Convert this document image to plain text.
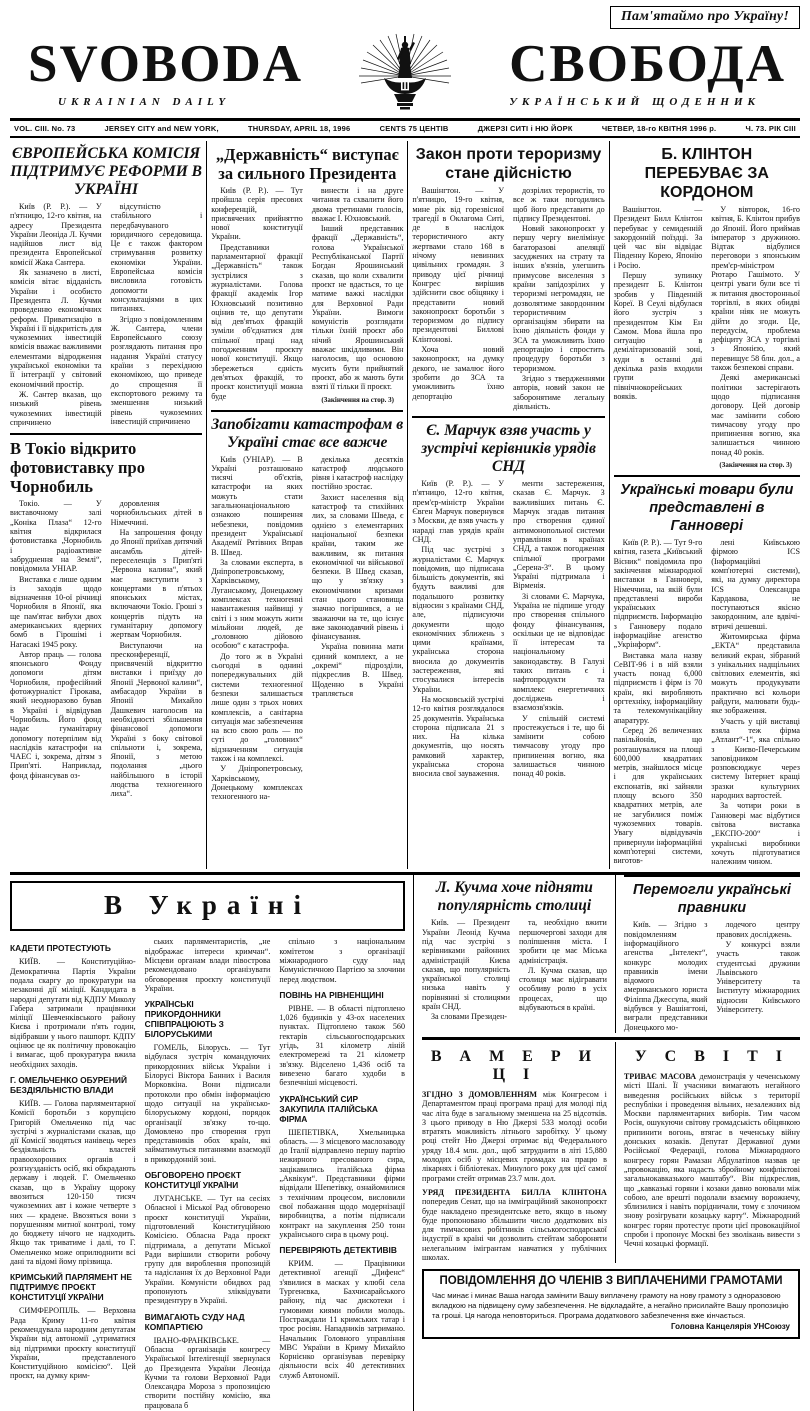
Пам'ятаймо про Україну!
SVOBODA	СВОБОДА
UKRAINIAN DAILY	УКРАЇНСЬКИЙ ЩОДЕННИК
VOL. CIII. No. 73	JERSEY CITY and NEW YORK,	THURSDAY, APRIL 18, 1996	CENTS 75 ЦЕНТІВ	ДЖЕРЗІ СИТІ і НЮ ЙОРК	ЧЕТВЕР, 18-го КВІТНЯ 1996 р.	Ч. 73. РІК CIII
ЄВРОПЕЙСЬКА КОМІСІЯ ПІДТРИМУЄ РЕФОРМИ В УКРАЇНІ

Київ (Р. Р.). — У п'ятницю, 12-го квітня, на адресу Президента України Леоніда Л. Кучми надійшов лист від президента Европейської комісії Жака Сантера.

Як зазначено в листі, комісія вітає відданість України і особисто Президента Л. Кучми проведенню економічних реформ. Приватизацію в Україні і її відкритість для чужоземних інвестицій комісія вважає важливими елементами відродження української економіки та її інтеграції у світовий економічний простір.

Ж. Сантер вказав, що низький рівень чужоземних інвестицій спричинено

відсутністю стабільного і передбачуваного юридичного середовища. Це є також фактором стримування розвитку економіки України. Европейська комісія висловила готовість допомогти консультаціями в цих питаннях.

Згідно з повідомленням Ж. Сантера, члени Европейського союзу розглядають питання про надання Україні статусу країни з перехідною економікою, що приведе до спрощення її експортового режиму та зменшення низький рівень чужоземних інвестицій спричинено

В Токіо відкрито фотовиставку про Чорнобиль

Токіо. — У виставочному залі „Коніка Плаза“ 12-го квітня відкрилася фотовиставка „Чорнобиль і радіоактивне забруднення на Землі“, повідомила УНІАР.

Виставка є лише одним із заходів щодо відзначення 10-ої річниці Чорнобиля в Японії, яка ще пам'ятає вибухи двох американських ядерних бомб в Гірошімі і Нагасакі 1945 року.

Автор праць — голова японського Фонду допомоги дітям Чорнобиля, професійний фотожурналіст Гірокава, який неодноразово бував в Україні і відвідував Чорнобиль. Його фонд надає гуманітарну допомогу потерпілим від наслідків катастрофи на ЧАЕС і, зокрема, дітям з Прип'яті. Наприклад, фонд фінансував оз-

доровлення чорнобильських дітей в Німеччині.

На запрошення фонду до Японії приїхав дитячий ансамбль дітей-переселенців з Прип'яті „Червона калина“, який має виступити з концертами в п'ятьох японських містах, включаючи Токіо. Гроші з концертів підуть на гуманітарну допомогу жертвам Чорнобиля.

Виступаючи на пресконференції, присвяченій відкриттю виставки і приїзду до Японії „Червоної калини“, амбасадор України в Японії Михайло Дашкевич наголосив на необхідності збільшення фінансової допомоги Україні з боку світової спільноти і, зокрема, Японії, з метою подолання „цього найбільшого в історії людства техногенного лиха“.

„Державність“ виступає за сильного Президента

Київ (Р. Р.). — Тут пройшла серія пресових конференцій, присвячених прийняттю нової конституції України.

Представники парламентарної фракції „Державність“ також зустрілися з журналістами. Голова фракції академік Ігор Юхновський позитивно оцінив те, що депутати від дев'ятьох фракцій зуміли об'єднатися для спільної праці над погодженням проєкту нової конституції. Якщо збережеться єдність дев'ятьох фракцій, то проєкт конституції можна буде

винести і на друге читання та схвалити його двома третинами голосів, вважає І. Юхновський.

Інший представник фракції „Державність“, голова Української Республіканської Партії Богдан Ярошинський сказав, що коли схвалити проєкт не вдасться, то це матиме важкі наслідки для Верховної Ради України. Вимоги комуністів розглядати тільки їхній проєкт або нічий Ярошинський вважає шкідливими. Він наголосив, що основою мусить бути прийнятий проєкт, або ж мають бути взяті її тільки її проєкт.

(Закінчення на стор. 3)

Запобігати катастрофам в Україні стає все важче

Київ (УНІАР). — В Україні розташовано тисячі об'єктів, катастрофи на яких можуть стати загальнонаціональною ознакою поширення небезпеки, повідомив президент Української Академії Рятівних Вправ В. Швед.

За словами експерта, в Дніпропетровському, Харківському, Луганському, Донецькому комплексах техногенні навантаження найвищі у світі і з ним можуть жити мільйони людей, де „головною дійовою особою“ є катастрофа.

До того ж в Україні сьогодні в однині попереджувальних дій системи техногенної безпеки залишається лише один з трьох нових комплексів, а санітарна ситуація має забезпечення на всю свою роль — по суті до „головних“ відзначенням ситуація також і на комплексі.

У Дніпропетровську, Харківському, Донецькому комплексах техногенного на-

декілька десятків катастроф людського рівня і катастроф наслідку постійно зростає.

Захист населення від катастроф та стихійних лих, за словами Шведа, є однією з елементарних національної безпеки країни, таким же важливим, як питання економічної чи військової безпеки. В Швед сказав, що у зв'язку з економічними кризами стан цього становища значно погіршився, а не зважаючи на те, що існує вже законодавчий рівень і фінансування.

Україна повинна мати єдиний комплект, а не „окремі“ підрозділи, підкреслив В. Швед. Щоденно в Україні трапляється

Закон проти тероризму стане дійсністю

Вашінгтон. — У п'ятницю, 19-го квітня, мине рік від горезвісної трагедії в Оклагома Ситі, де в наслідок терористичного акту жертвами стало 168 в нічому невинних цивільних громадян. З приводу цієї річниці Конгрес вирішив здійснити своє обіцянку і представити новий законопроєкт боротьби з тероризмом до підпису президентові Биллові Клінтонові.

Хоча новий законопроєкт, на думку декого, не замалює його зробити до ЗСА та уможливить їхню депортацію

дозрілих терористів, то все ж таки погодились щоб його представити до підпису Президентові.

Новий законопроєкт у першу чергу виелімінує багаторазові апеляції засуджених на страту та інших в'язнів, улегшить примусове виселення з країни запідозрілих у тероризмі негромадян, не дозволятиме закордонним терористичним організаціям збирати на їхню діяльність фонди у ЗСА та уможливить їхню депортацію і спростить процедуру боротьби з тероризмом.

Згідно з твердженнями авторів, новий закон не заборонятиме легальну діяльність.

Є. Марчук взяв участь у зустрічі керівників урядів СНД

Київ (Р. Р.). — У п'ятницю, 12-го квітня, прем'єр-міністр України Євген Марчук повернувся з Москви, де взяв участь у нараді глав урядів країн СНД.

Під час зустрічі з журналістами Є. Марчук повідомив, що підписана більшість документів, які будуть важливі для подальшого розвитку відносин з країнами СНД, але, підписуючи документи щодо економічних зближень з цими країнами, українська сторона вносила до документів застереження, які стосувалися інтересів України.

На московській зустрічі 12-го квітня розглядалося 25 документів. Українська сторона підписала 21 з них. На кілька документів, що носять рамковий характер, українська сторона вносила свої зауваження.

менти застереження, сказав Є. Марчук. З важливіших питань Є. Марчук згадав питання про створення єдиної антимонопольної системи управління в країнах СНД, а також погодження спільної програми „Серена-3“. В цьому Україні підтримала і Вірменія.

Зі словами Є. Марчука, Україна не підпише угоду про створення спільного фонду фінансування, оскільки це не відповідає її інтересам та національному законодавству. В Галузі таких питань є і нафтопродукти та комплекс енергетичних досліджень і взаємозв'язків.

У спільній системі простежується і те, що бі замінити собою тимчасову угоду про припинення вогню, яка залишається чинною понад 40 років.

Б. КЛІНТОН ПЕРЕБУВАЄ ЗА КОРДОНОМ

Вашінгтон. — Президент Билл Клінтон перебуває у семиденній закордонній поїздці. За цей час він відвідає Південну Корею, Японію і Росію.

Першу зупинку президент Б. Клінтон зробив у Південній Кореї. В Сеулі відбулася його зустріч з президентом Кім Ен Самом. Мова йшла про ситуацію в демілітаризованій зоні, куди в останні дні декілька разів входили групи північнокорейських вояків.

У вівторок, 16-го квітня, Б. Клінтон прибув до Японії. Його приймав імператор з дружиною. Відтак відбулися переговори з японським прем'єр-міністром Рютаро Гашімото. У центрі уваги були все ті ж питання двосторонньої торгівлі, в яких обидві країни ніяк не можуть дійти до згоди. Це, передусім, проблема дефіциту ЗСА у торгівлі з Японією, який перевищує 58 блн. дол., а також безпекові справи.

Деякі американські політики застерігають щодо підписання договору. Цей договір має замінити собою тимчасову угоду про припинення вогню, яка залишається чинною понад 40 років.

(Закінчення на стор. 3)

Українські товари були представлені в Ганновері

Київ (Р. Р.). — Тут 9-го квітня, газета „Київський Вісник“ повідомила про закінчення міжнародної виставки в Ганновері, Німеччина, на якій були представлені вироби українських підприємств. Інформацію з Ганноверу подало інформаційне агенство „Укрінформ“.

Виставка мала назву СеВІТ-96 і в ній взяли участь понад 6,000 підприємств і фірм із 70 країн, які виробляють оргтехніку, інформаційну та телекомунікаційну апаратуру.

Серед 26 величезних павільйонів, що розташувалися на площі 600,000 квадратних метрів, знайшлося місце і для українських експонатів, які зайняли площу всього 350 квадратних метрів, але не загубилися поміж чужоземних товарів. Увагу відвідувачів привернули інформаційні комп'ютерні системи, виготов-

лені Київською фірмою ICS (Інформаційні комп'ютерні системи), які, на думку директора ICS Олександра Кардакова, не поступаються якісно закордонним, але вдвічі-втричі дешевші.

Житомирська фірма „ЕКТА“ представила великий екран, зібраний з унікальних надщільних світлових елементів, які можуть продукувати практично всі кольори райдуги, малювати будь-яке зображення.

Участь у цій виставці взяла теж фірма „Атлант“-1“, яка спільно з Києво-Печерським заповідником розповсюджує через систему Інтернет кращі зразки культурних народних вартостей.

За чотири роки в Ганновері має відбутися світова виставка „ЕКСПО-200“ і українські виробники хочуть підготуватися належним чином.

В Україні
КАДЕТИ ПРОТЕСТУЮТЬ

КИЇВ. — Конституційно-Демократична Партія України подала скаргу до прокуратури на незаконні дії міліції. Кандидата в народні депутати від КДПУ Миколу Габера затримали працівники міліції Шевченківського району Києва і протримали п'ять годин, відібравши у нього пашпорт. КДПУ оцінює це як політичну провокацію і вимагає, щоб прокуратура вжила необхідних заходів.

Г. ОМЕЛЬЧЕНКО ОБУРЕНИЙ БЕЗДІЯЛЬНІСТЮ ВЛАДИ

КИЇВ. — Голова парляментарної Комісії боротьби з корупцією Григорій Омельченко під час зустрічі з журналістами сказав, що дії Комісії зводяться нанівець через бездіяльність властей правоохоронних органів і розгнузданість осіб, які обкрадають державу і людей. Г. Омельченко сказав, що в Україну щороку ввозиться 120-150 тисяч чужоземних авт і кожне четверте з них — крадене. Ввозяться вони з порушенням митної контролі, тому до бюджету нічого не надходить. Якщо так триватиме і далі, то Г. Омельченко може оприлюднити всі дані та відомі йому прізвища.

КРИМСЬКИЙ ПАРЛЯМЕНТ НЕ ПІДТРИМУЄ ПРОЄКТ КОНСТИТУЦІЇ УКРАЇНИ

СИМФЕРОПІЛЬ. — Верховна Рада Криму 11-го квітня рекомендувала народним депутатам України від автономії „утриматися від підтримки проєкту конституції України, представленого Конституційною комісією“. Цей проєкт, на думку крим-

ських парляментаристів, „не відображає інтереси кримчан“. Місцеви органам влади півострова рекомендовано організувати обговорення проєкту конституції України.

УКРАЇНСЬКІ ПРИКОРДОННИКИ СПІВПРАЦЮЮТЬ З БІЛОРУСЬКИМИ

ГОМЕЛЬ, Білорусь. — Тут відбулася зустріч командуючих прикордонних військ України і Білорусі Віктора Банних і Василя Морковкіна. Вони підписали протоколи про обмін інформацією щодо ситуації на українсько-білоруському кордоні, порядок організації зв'язку то-що. Домовлено про створення груп представників обох країн, які займатимуться питаннями взаємодії в прикордонній зоні.

ОБГОВОРЕНО ПРОЄКТ КОНСТИТУЦІЇ УКРАЇНИ

ЛУГАНСЬКЕ. — Тут на сесіях Обласної і Міської Рад обговорено проєкт конституції України, підготовлений Конституційною Комісією. Обласна Рада проєкт підтримала, а депутати Міської Ради вирішили створити робочу групу для вироблення пропозицій та надіслання їх до Верховної Ради України. Комуністи обидвох рад пропонують зліквідувати президентуру в Україні.

ВИМАГАЮТЬ СУДУ НАД КОМПАРТІЄЮ

ІВАНО-ФРАНКІВСЬКЕ. — Обласна організація конгресу Української Інтелігенції звернулася до Президента України Леоніда Кучми та голови Верховної Ради Олександра Мороза з пропозицією створити постійну комісію, яка працювала б

спільно з національним комітетом з організації міжнародного суду над Комуністичною Партією за злочини перед людством.

ПОВІНЬ НА РІВНЕНЩИНІ

РІВНЕ. — В області підтоплено 1,026 будинків у 43-ох населених пунктах. Підтоплено також 560 гектарів сільськогосподарських угідь, 31 кілометр ліній електромережі та 21 кілометр зв'язку. Відселено 1,436 осіб та вивезено багато худоби в безпечніші місцевості.

УКРАЇНСЬКИЙ СИР ЗАКУПИЛА ІТАЛІЙСЬКА ФІРМА

ШЕПЕТІВКА, Хмельницька область. — З місцевого маслозаводу до Італії відправлено першу партію нежирного пресованого сира, зацікавились італійська фірма „Аквікум“. Представники фірми відвідали Шепетівку, ознайомилися з технічним процесом, висловили свої побажання щодо модернізації виробництва, а потім підписали контракт на закуплення 250 тонн українського сира в цьому році.

ПЕРЕВІРЯЮТЬ ДЕТЕКТИВІВ

КРИМ. — Працівники детективної агенції „Дифенс“ з'явилися в масках у клюбі села Тургенєвка, Бахчисарайського району, під час дискотеки і гумовими киями побили молодь. Постраждали 11 кримських татар і троє росіян. Нападників затримано. Начальник Головного управління МВС України в Криму Михайло Корнієнко організував перевірку діяльности всіх 40 детективних служб Автономії.

Л. Кучма хоче підняти популярність столиці

Київ. — Президент України Леонід Кучма під час зустрічі з керівниками районних адміністрацій Києва сказав, що популярність української столиці низька навіть у порівнянні зі столицями країн СНД.

За словами Президен-

та, необхідно вжити першочергові заходи для поліпшення міста. І зробити це має Міська адміністрація.

Л. Кучма сказав, що столиця має відігравати особливу ролю в усіх процесах, що відбуваються в країні.

Перемогли українські правники

Київ. — Згідно з повідомленням інформаційного агенства „Інтелект“, конкурс молодих правників імени відомого американського юриста Філіппа Джессупа, який відбувся у Вашінгтоні, виграли представники Донецького мо-

лодечого центру правових досліджень.

У конкурсі взяли участь також студентські дружини Львівського Університету та Інституту міжнародних відносин Київського Університету.

В А М Е Р И Ц І

ЗГІДНО З ДОМОВЛЕННЯМ між Конгресом і Департаментом праці програма праці для молоді під час літа буде в загальному зменшена на 25 відсотків. З цього приводу в Ню Джерзі 533 молоді особи втратять можливість літнього заробітку. У цьому році стейт Ню Джерзі отримає від Федерального уряду 18.4 млн. дол., щоб затруднити в літі 15,880 молодих осіб у місцевих громадах на працю в лікарнях і бібліотеках. Минулого року для цієї самої програми стейт отримав 23.7 млн. дол.

УРЯД ПРЕЗИДЕНТА БИЛЛА КЛІНТОНА попередив Сенат, що на імміграційний законопроєкт буде накладено президентське вето, якщо в ньому буде пропоновано збільшити число додаткових віз для тимчасових робітників сільськогосподарської індустрії в країні чи дозволить стейтам забороняти нелегальним імігрантам навчатися у публічних школах.

У С В І Т І

ТРИВАЄ МАСОВА демонстрація у чеченському місті Шалі. Її учасники вимагають негайного виведення російських військ з території республіки і проведення вільних, незалежних від Москви парляментарних виборів. Тим часом Росія, ошукуючи світову громадськість обіцянкою припинити вогонь, втягає в чеченську війну донських козаків. Депутат Державної думи Російської Федерації, голова Міжнародного конгресу горян Рамазан Абдулатіпов назвав це „провокацію, яка надасть збройному конфліктові загальнокавказького маштабу“. Він підкреслив, що „кавказькі горяни і козаки давно воювали між собою, але врешті подолали взаємну ворожнечу, зблизилися і навіть порідничали, тому є злочином знову розігрувати козацьку карту“. Міжнародний конгрес горян протестує проти цієї провокаційної спроби і пропонує Москві без зволікань вивести з Чечні козацькі формації.

ПОВІДОМЛЕННЯ ДО ЧЛЕНІВ З ВИПЛАЧЕНИМИ ГРАМОТАМИ
Час минає і минає Ваша нагода замінити Вашу виплачену грамоту на нову грамоту з одноразовою вкладкою на підвищену суму забезпечення. Не відкладайте, а негайно присилайте Вашу пропозицію та гроші. Ця нагода неповториться. Програма додаткового забезпечення вже кінчається.
Головна Канцелярія УНСоюзу
